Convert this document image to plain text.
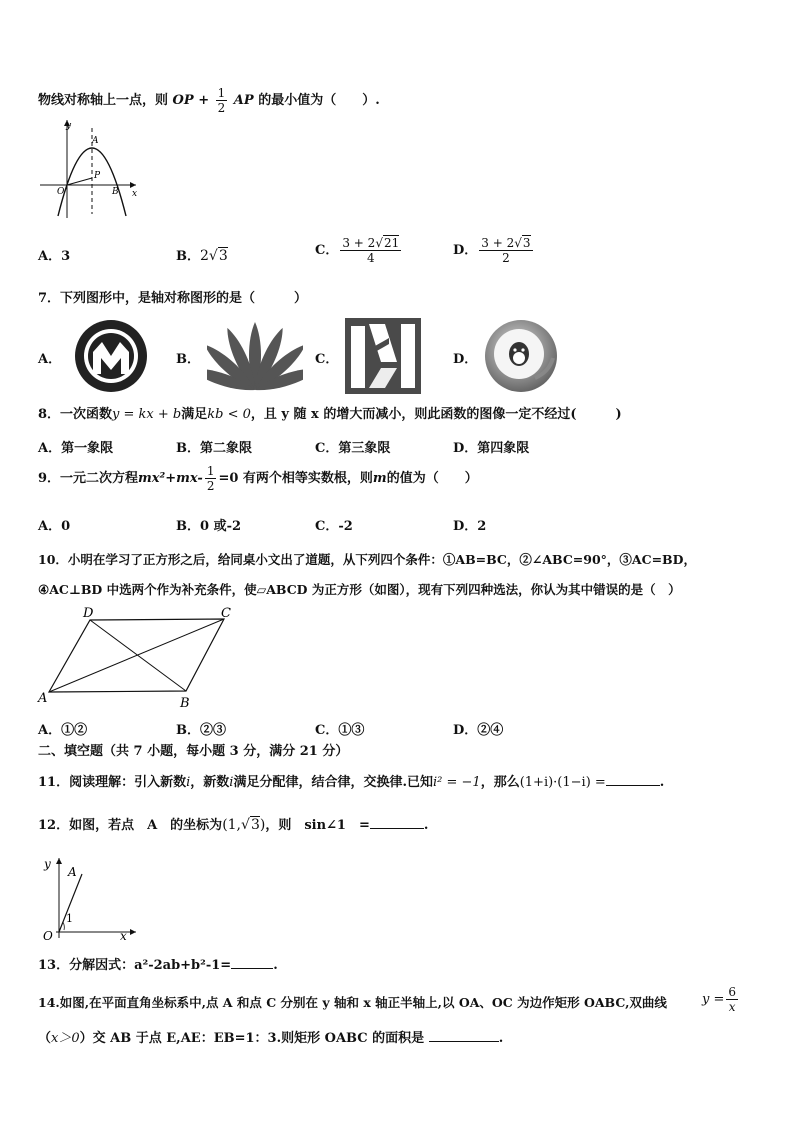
物线对称轴上一点，则 OP + $\frac{1}{2}$ AP 的最小值为（　　）.
y
x
O
A
P
B
A．3	B．2√3	C． $\frac{3 + 2√21}{4}$	D． $\frac{3 + 2√3}{2}$
7．下列图形中，是轴对称图形的是（　　　）
A．	B．	C．	D．
8．一次函数y = kx + b满足kb < 0，且 y 随 x 的增大而减小，则此函数的图像一定不经过(　　　)
A．第一象限	B．第二象限	C．第三象限	D．第四象限
9．一元二次方程$mx^2+mx- \frac{1}{2} =0$ 有两个相等实数根，则m的值为（　　）
A．0	B．0 或-2	C．-2	D．2
10．小明在学习了正方形之后，给同桌小文出了道题，从下列四个条件：①AB=BC，②∠ABC=90°，③AC=BD，
④AC⊥BD 中选两个作为补充条件，使▱ABCD 为正方形（如图），现有下列四种选法，你认为其中错误的是（　）
A	B
C
D
A．①②	B．②③	C．①③	D．②④
二、填空题（共 7 小题，每小题 3 分，满分 21 分）
11．阅读理解：引入新数i，新数i满足分配律，结合律，交换律.已知i² = −1，那么(1+i)·(1−i) =	.
12．如图，若点　A　的坐标为(1,√3)，则　sin∠1　=	.
y
x
O
A
1
13．分解因式：a²-2ab+b²-1=	.
14.如图,在平面直角坐标系中,点 A 和点 C 分别在 y 轴和 x 轴正半轴上,以 OA、OC 为边作矩形 OABC,双曲线	$y = \frac{6}{x}$
（x＞0）交 AB 于点 E,AE：EB=1：3.则矩形 OABC 的面积是	.
